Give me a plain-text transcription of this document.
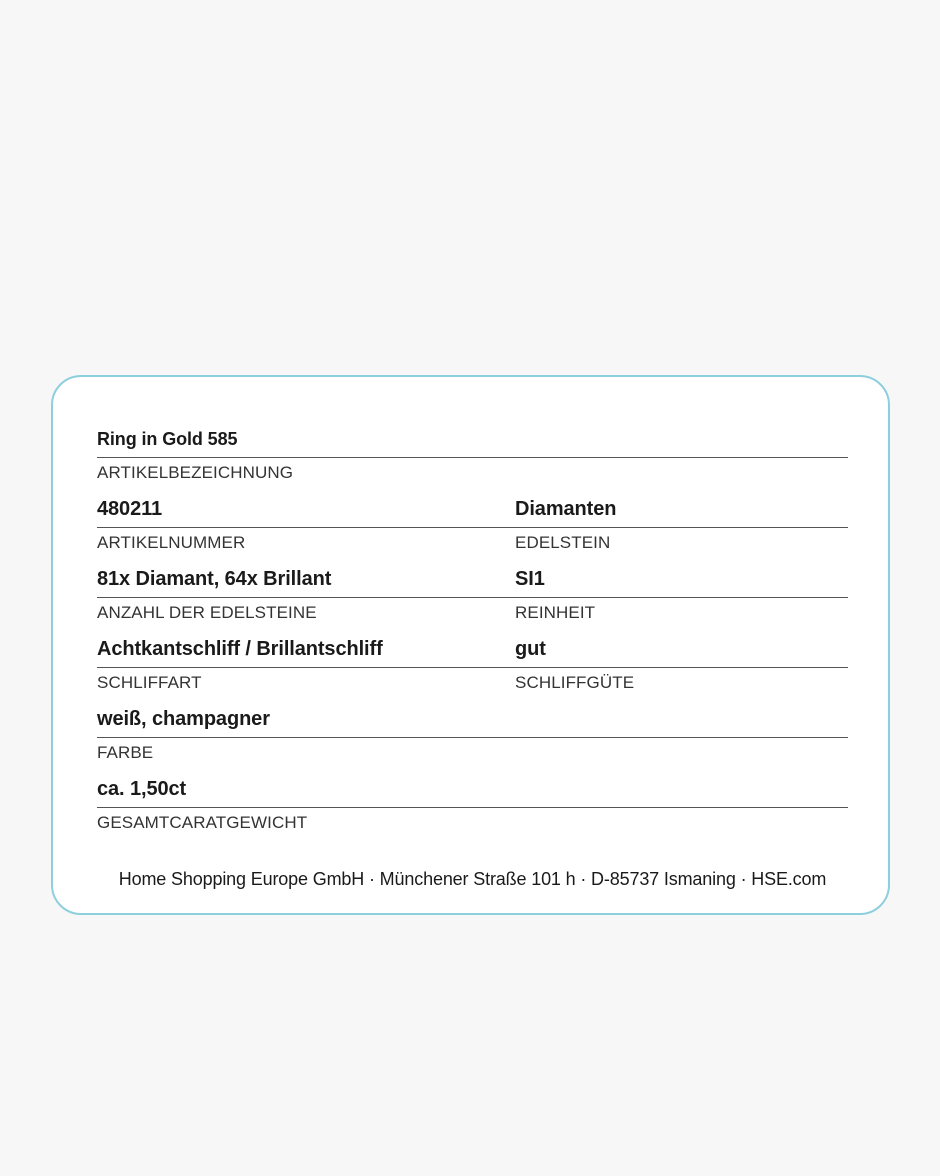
Ring in Gold 585
ARTIKELBEZEICHNUNG
480211	Diamanten
ARTIKELNUMMER	EDELSTEIN
81x Diamant, 64x Brillant	SI1
ANZAHL DER EDELSTEINE	REINHEIT
Achtkantschliff / Brillantschliff	gut
SCHLIFFART	SCHLIFFGÜTE
weiß, champagner
FARBE
ca. 1,50ct
GESAMTCARATGEWICHT
Home Shopping Europe GmbH · Münchener Straße 101 h · D-85737 Ismaning · HSE.com
